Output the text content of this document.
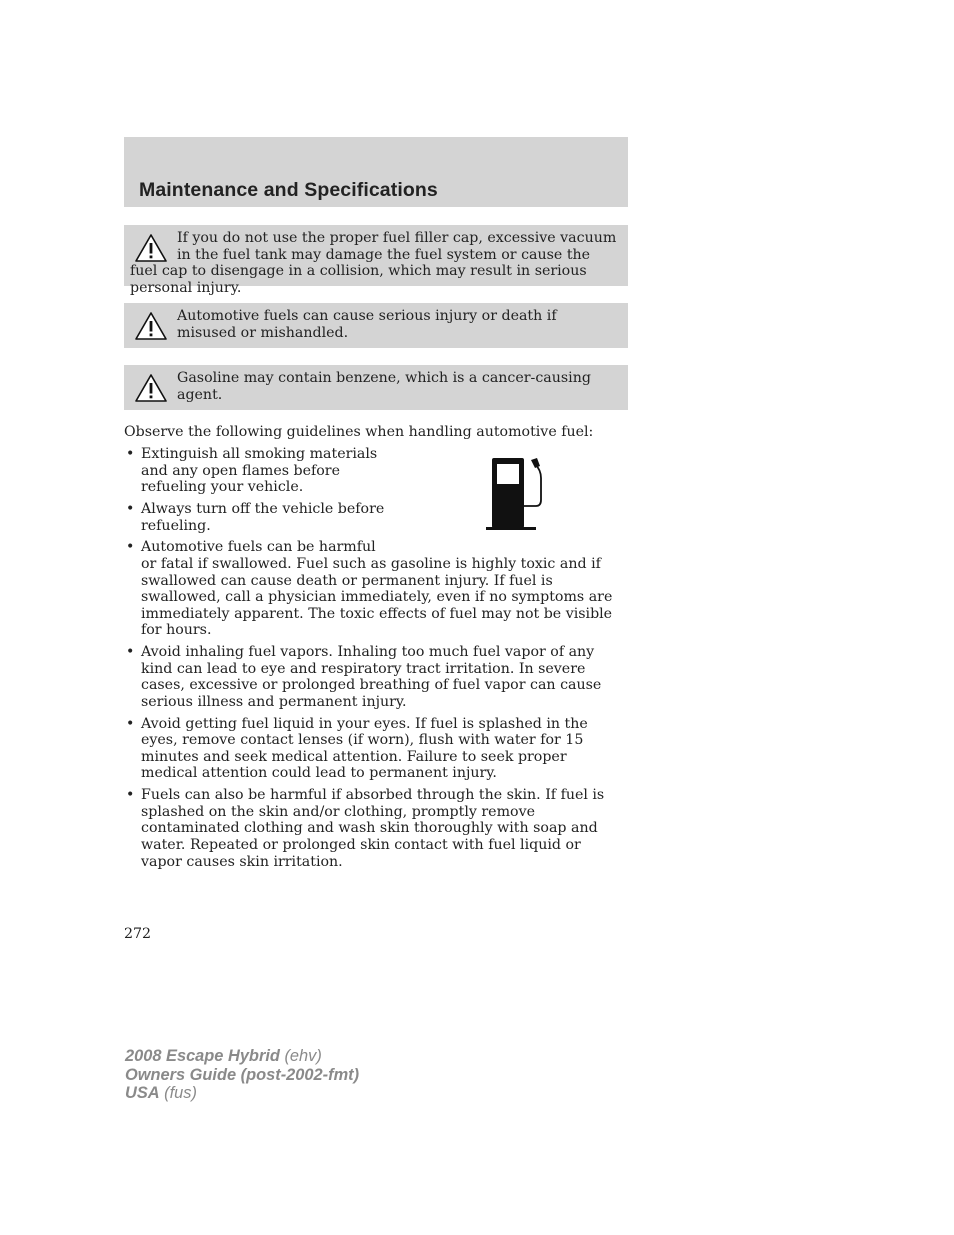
Maintenance and Specifications

If you do not use the proper fuel filler cap, excessive vacuum in the fuel tank may damage the fuel system or cause the fuel cap to disengage in a collision, which may result in serious personal injury.

Automotive fuels can cause serious injury or death if misused or mishandled.

Gasoline may contain benzene, which is a cancer-causing agent.

Observe the following guidelines when handling automotive fuel:

• Extinguish all smoking materials and any open flames before refueling your vehicle.
• Always turn off the vehicle before refueling.
• Automotive fuels can be harmful
or fatal if swallowed. Fuel such as gasoline is highly toxic and if swallowed can cause death or permanent injury. If fuel is swallowed, call a physician immediately, even if no symptoms are immediately apparent. The toxic effects of fuel may not be visible for hours.
• Avoid inhaling fuel vapors. Inhaling too much fuel vapor of any kind can lead to eye and respiratory tract irritation. In severe cases, excessive or prolonged breathing of fuel vapor can cause serious illness and permanent injury.
• Avoid getting fuel liquid in your eyes. If fuel is splashed in the eyes, remove contact lenses (if worn), flush with water for 15 minutes and seek medical attention. Failure to seek proper medical attention could lead to permanent injury.
• Fuels can also be harmful if absorbed through the skin. If fuel is splashed on the skin and/or clothing, promptly remove contaminated clothing and wash skin thoroughly with soap and water. Repeated or prolonged skin contact with fuel liquid or vapor causes skin irritation.

272

2008 Escape Hybrid (ehv)
Owners Guide (post-2002-fmt)
USA (fus)
